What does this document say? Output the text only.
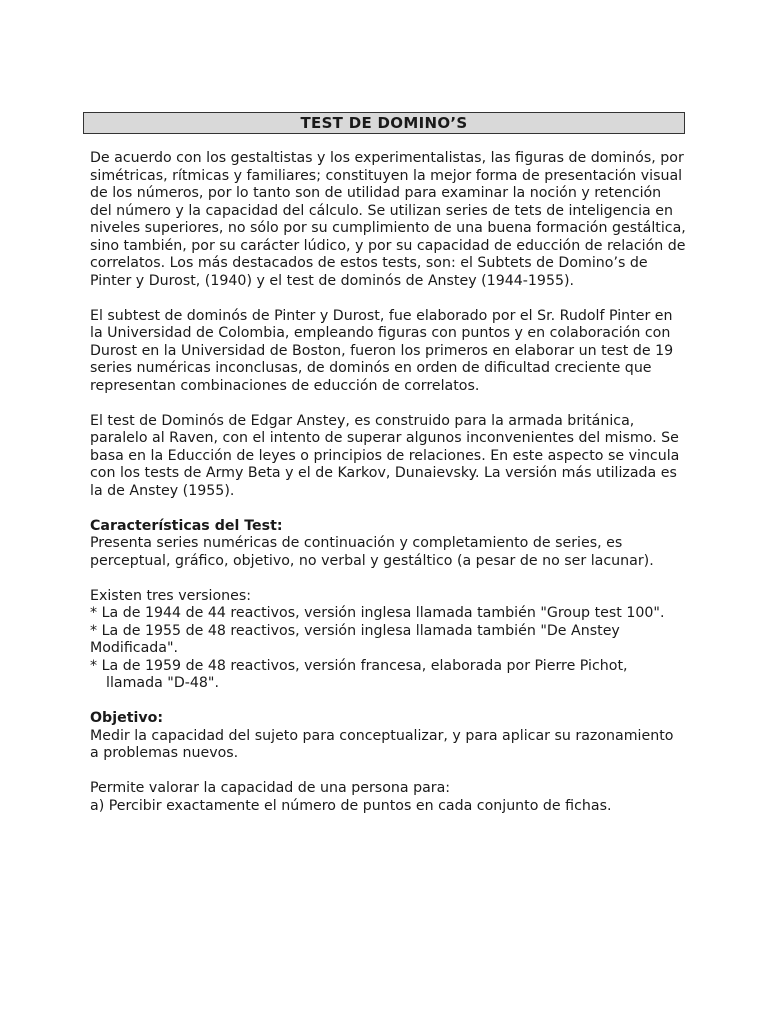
TEST DE DOMINO’S

De acuerdo con los gestaltistas y los experimentalistas, las figuras de dominós, por simétricas, rítmicas y familiares; constituyen la mejor forma de presentación visual de los números, por lo tanto son de utilidad para examinar la noción y retención del número y la capacidad del cálculo. Se utilizan series de tets de inteligencia en niveles superiores, no sólo por su cumplimiento de una buena formación gestáltica, sino también, por su carácter lúdico, y por su capacidad de educción de relación de correlatos. Los más destacados de estos tests, son: el Subtets de Domino’s de Pinter y Durost, (1940) y el test de dominós de Anstey (1944-1955).

El subtest de dominós de Pinter y Durost, fue elaborado por el Sr. Rudolf Pinter en la Universidad de Colombia, empleando figuras con puntos y en colaboración con Durost en la Universidad de Boston, fueron los primeros en elaborar un test de 19 series numéricas inconclusas, de dominós en orden de dificultad creciente que representan combinaciones de educción de correlatos.

El test de Dominós de Edgar Anstey, es construido para la armada británica, paralelo al Raven, con el intento de superar algunos inconvenientes del mismo. Se basa en la Educción de leyes o principios de relaciones. En este aspecto se vincula con los tests de Army Beta y el de Karkov, Dunaievsky. La versión más utilizada es la de Anstey (1955).

Características del Test:
Presenta series numéricas de continuación y completamiento de series, es perceptual, gráfico, objetivo, no verbal y gestáltico (a pesar de no ser lacunar).

Existen tres versiones:
* La de 1944 de 44 reactivos, versión inglesa llamada también "Group test 100".
* La de 1955 de 48 reactivos, versión inglesa llamada también "De Anstey Modificada".
* La de 1959 de 48 reactivos, versión francesa, elaborada por Pierre Pichot,
llamada "D-48".

Objetivo:
Medir la capacidad del sujeto para conceptualizar, y para aplicar su razonamiento a problemas nuevos.

Permite valorar la capacidad de una persona para:
a) Percibir exactamente el número de puntos en cada conjunto de fichas.
